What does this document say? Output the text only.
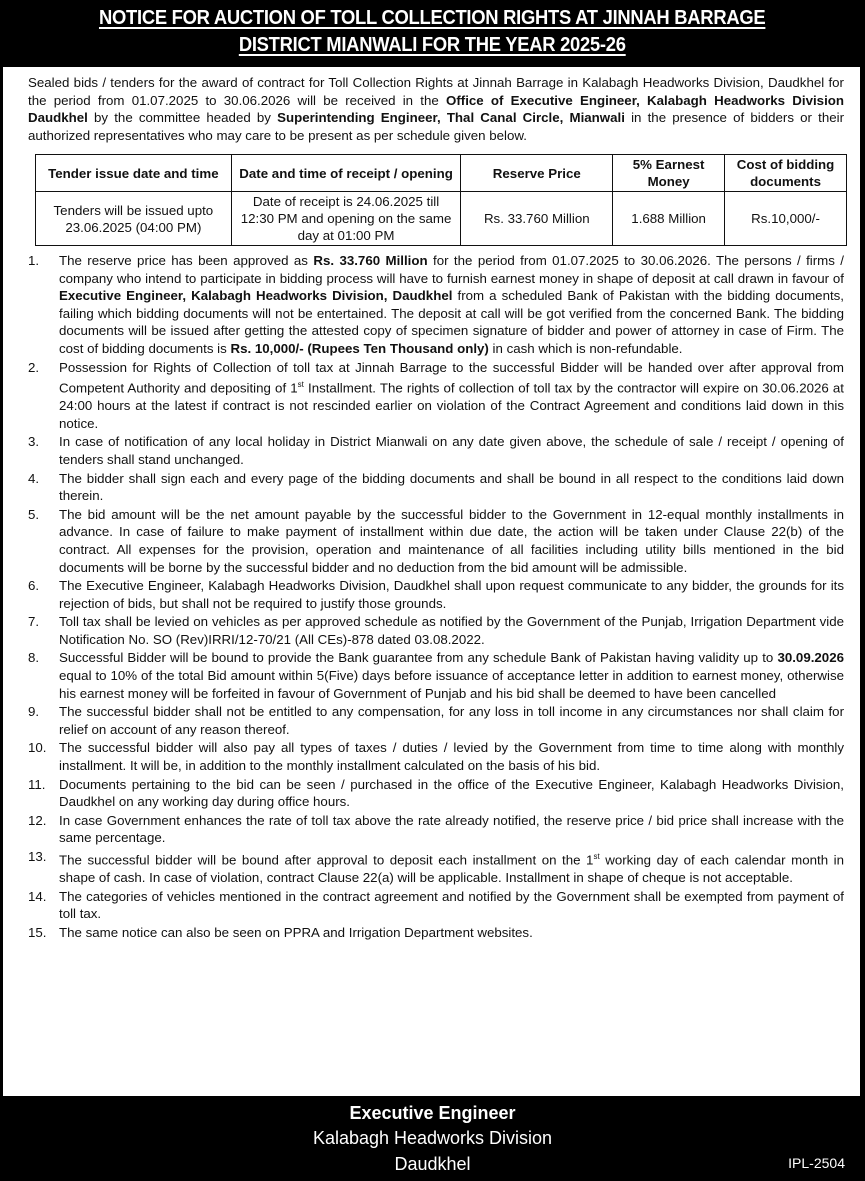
NOTICE FOR AUCTION OF TOLL COLLECTION RIGHTS AT JINNAH BARRAGE
DISTRICT MIANWALI FOR THE YEAR 2025-26

Sealed bids / tenders for the award of contract for Toll Collection Rights at Jinnah Barrage in Kalabagh Headworks Division, Daudkhel for the period from 01.07.2025 to 30.06.2026 will be received in the Office of Executive Engineer, Kalabagh Headworks Division Daudkhel by the committee headed by Superintending Engineer, Thal Canal Circle, Mianwali in the presence of bidders or their authorized representatives who may care to be present as per schedule given below.

Tender issue date and time	Date and time of receipt / opening	Reserve Price	5% Earnest Money	Cost of bidding documents
Tenders will be issued upto 23.06.2025 (04:00 PM)	Date of receipt is 24.06.2025 till 12:30 PM and opening on the same day at 01:00 PM	Rs. 33.760 Million	1.688 Million	Rs.10,000/-
1.	The reserve price has been approved as Rs. 33.760 Million for the period from 01.07.2025 to 30.06.2026. The persons / firms / company who intend to participate in bidding process will have to furnish earnest money in shape of deposit at call drawn in favour of Executive Engineer, Kalabagh Headworks Division, Daudkhel from a scheduled Bank of Pakistan with the bidding documents, failing which bidding documents will not be entertained. The deposit at call will be got verified from the concerned Bank. The bidding documents will be issued after getting the attested copy of specimen signature of bidder and power of attorney in case of Firm. The cost of bidding documents is Rs. 10,000/- (Rupees Ten Thousand only) in cash which is non-refundable.
2.	Possession for Rights of Collection of toll tax at Jinnah Barrage to the successful Bidder will be handed over after approval from Competent Authority and depositing of 1st Installment. The rights of collection of toll tax by the contractor will expire on 30.06.2026 at 24:00 hours at the latest if contract is not rescinded earlier on violation of the Contract Agreement and conditions laid down in this notice.
3.	In case of notification of any local holiday in District Mianwali on any date given above, the schedule of sale / receipt / opening of tenders shall stand unchanged.
4.	The bidder shall sign each and every page of the bidding documents and shall be bound in all respect to the conditions laid down therein.
5.	The bid amount will be the net amount payable by the successful bidder to the Government in 12-equal monthly installments in advance. In case of failure to make payment of installment within due date, the action will be taken under Clause 22(b) of the contract. All expenses for the provision, operation and maintenance of all facilities including utility bills mentioned in the bid documents will be borne by the successful bidder and no deduction from the bid amount will be admissible.
6.	The Executive Engineer, Kalabagh Headworks Division, Daudkhel shall upon request communicate to any bidder, the grounds for its rejection of bids, but shall not be required to justify those grounds.
7.	Toll tax shall be levied on vehicles as per approved schedule as notified by the Government of the Punjab, Irrigation Department vide Notification No. SO (Rev)IRRI/12-70/21 (All CEs)-878 dated 03.08.2022.
8.	Successful Bidder will be bound to provide the Bank guarantee from any schedule Bank of Pakistan having validity up to 30.09.2026 equal to 10% of the total Bid amount within 5(Five) days before issuance of acceptance letter in addition to earnest money, otherwise his earnest money will be forfeited in favour of Government of Punjab and his bid shall be deemed to have been cancelled
9.	The successful bidder shall not be entitled to any compensation, for any loss in toll income in any circumstances nor shall claim for relief on account of any reason thereof.
10. The successful bidder will also pay all types of taxes / duties / levied by the Government from time to time along with monthly installment. It will be, in addition to the monthly installment calculated on the basis of his bid.
11.	Documents pertaining to the bid can be seen / purchased in the office of the Executive Engineer, Kalabagh Headworks Division, Daudkhel on any working day during office hours.
12. In case Government enhances the rate of toll tax above the rate already notified, the reserve price / bid price shall increase with the same percentage.
13. The successful bidder will be bound after approval to deposit each installment on the 1st working day of each calendar month in shape of cash. In case of violation, contract Clause 22(a) will be applicable. Installment in shape of cheque is not acceptable.
14. The categories of vehicles mentioned in the contract agreement and notified by the Government shall be exempted from payment of toll tax.
15. The same notice can also be seen on PPRA and Irrigation Department websites.
Executive Engineer
Kalabagh Headworks Division
Daudkhel	IPL-2504
